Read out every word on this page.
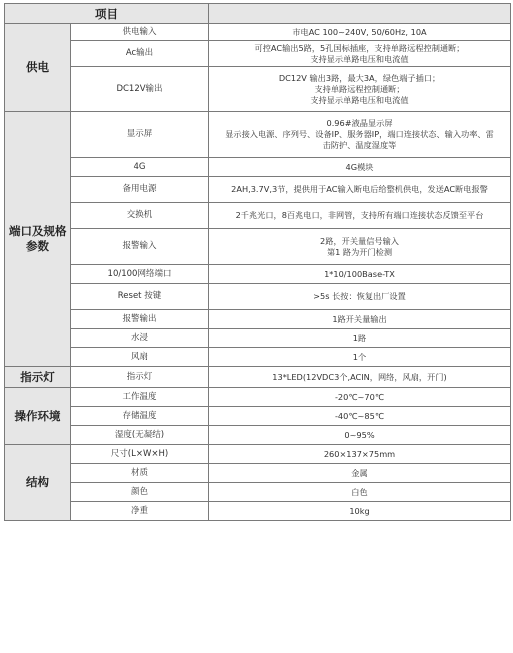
项目		

供电	供电输入	市电AC 100~240V, 50/60Hz, 10A

	Ac输出	可控AC输出5路，5孔国标插座，支持单路远程控制通断；
支持显示单路电压和电流值

	DC12V输出	DC12V 输出3路，最大3A，绿色端子插口；
支持单路远程控制通断；
支持显示单路电压和电流值

端口及规格
参数	显示屏	0.96#液晶显示屏
显示接入电源、序列号、设备IP、服务器IP，端口连接状态、输入功率、雷
击防护、温度湿度等

	4G	4G模块

	备用电源	2AH,3.7V,3节，提供用于AC输入断电后给整机供电，发送AC断电报警

	交换机	2千兆光口，8百兆电口，非网管，支持所有端口连接状态反馈至平台

	报警输入	2路，开关量信号输入
第1 路为开门检测

	10/100网络端口	1*10/100Base-TX

	Reset 按键	>5s 长按：恢复出厂设置

	报警输出	1路开关量输出

	水浸	1路

	风扇	1个

指示灯	指示灯	13*LED(12VDC3个,ACIN，网络，风扇，开门)

操作环境	工作温度	-20℃~70℃

	存储温度	-40℃~85℃

	湿度(无凝结)	0~95%

结构	尺寸(L×W×H)	260×137×75mm

	材质	金属

	颜色	白色

	净重	10kg
